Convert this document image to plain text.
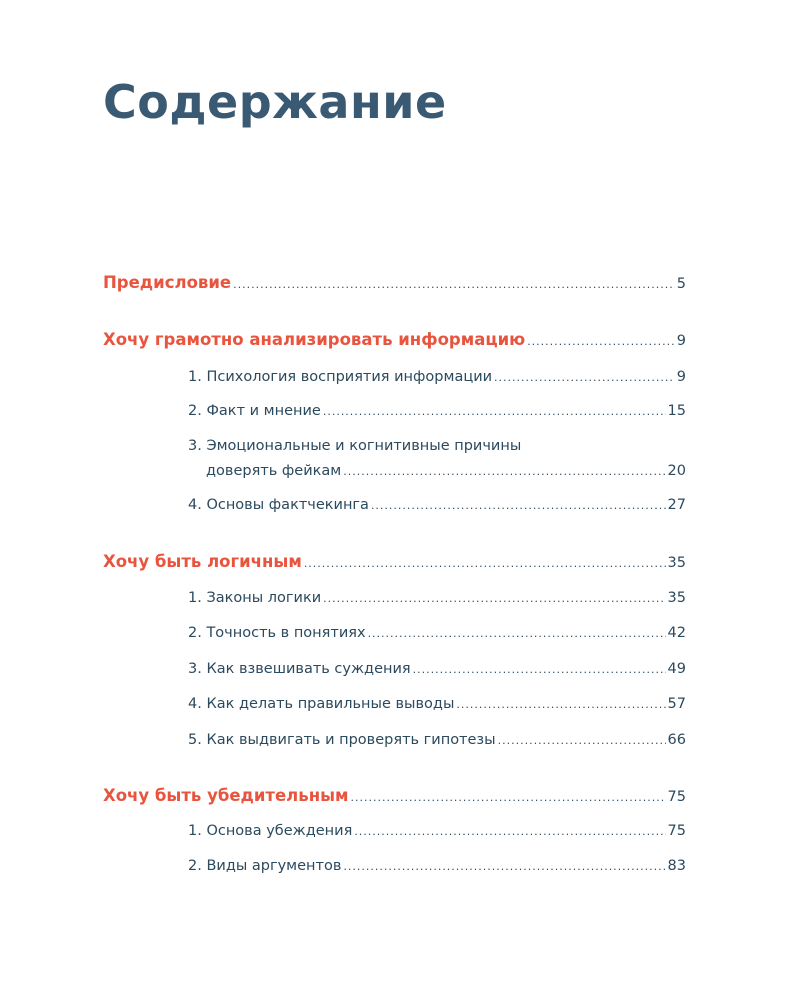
Содержание
Предисловие .....	5
Хочу грамотно анализировать информацию .....	9
1. Психология восприятия информации .....	9
2. Факт и мнение .....	15
3. Эмоциональные и когнитивные причины
доверять фейкам .....	20
4. Основы фактчекинга .....	27
Хочу быть логичным .....	35
1. Законы логики .....	35
2. Точность в понятиях .....	42
3. Как взвешивать суждения .....	49
4. Как делать правильные выводы .....	57
5. Как выдвигать и проверять гипотезы .....	66
Хочу быть убедительным .....	75
1. Основа убеждения .....	75
2. Виды аргументов .....	83
